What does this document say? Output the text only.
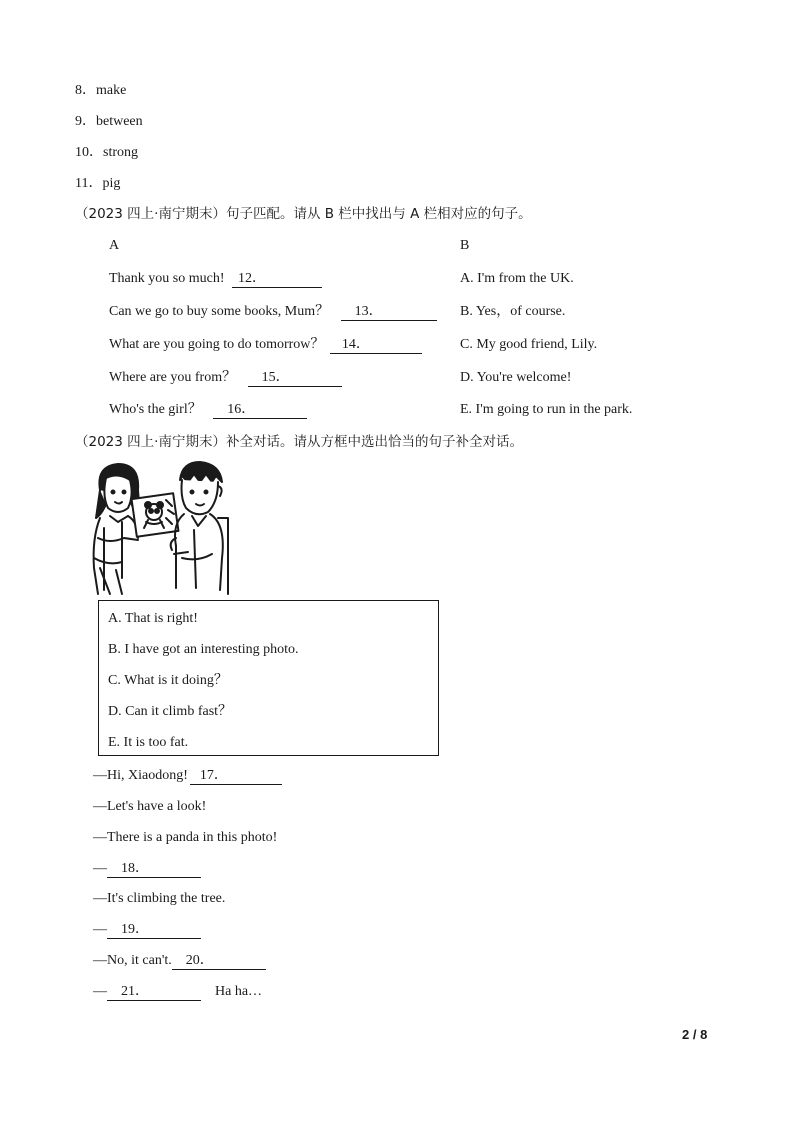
8．make
9．between
10．strong
11．pig
（2023 四上·南宁期末）句子匹配。请从 B 栏中找出与 A 栏相对应的句子。
A	B
Thank you so much! 12．	A. I'm from the UK.
Can we go to buy some books, Mum？ 13．	B. Yes，of course.
What are you going to do tomorrow？ 14．	C. My good friend, Lily.
Where are you from？ 15．	D. You're welcome!
Who's the girl？ 16．	E. I'm going to run in the park.
（2023 四上·南宁期末）补全对话。请从方框中选出恰当的句子补全对话。
A. That is right!
B. I have got an interesting photo.
C. What is it doing？
D. Can it climb fast？
E. It is too fat.
—Hi, Xiaodong! 17．
—Let's have a look!
—There is a panda in this photo!
— 18．
—It's climbing the tree.
— 19．
—No, it can't. 20．
— 21．	Ha ha…
2 / 8
